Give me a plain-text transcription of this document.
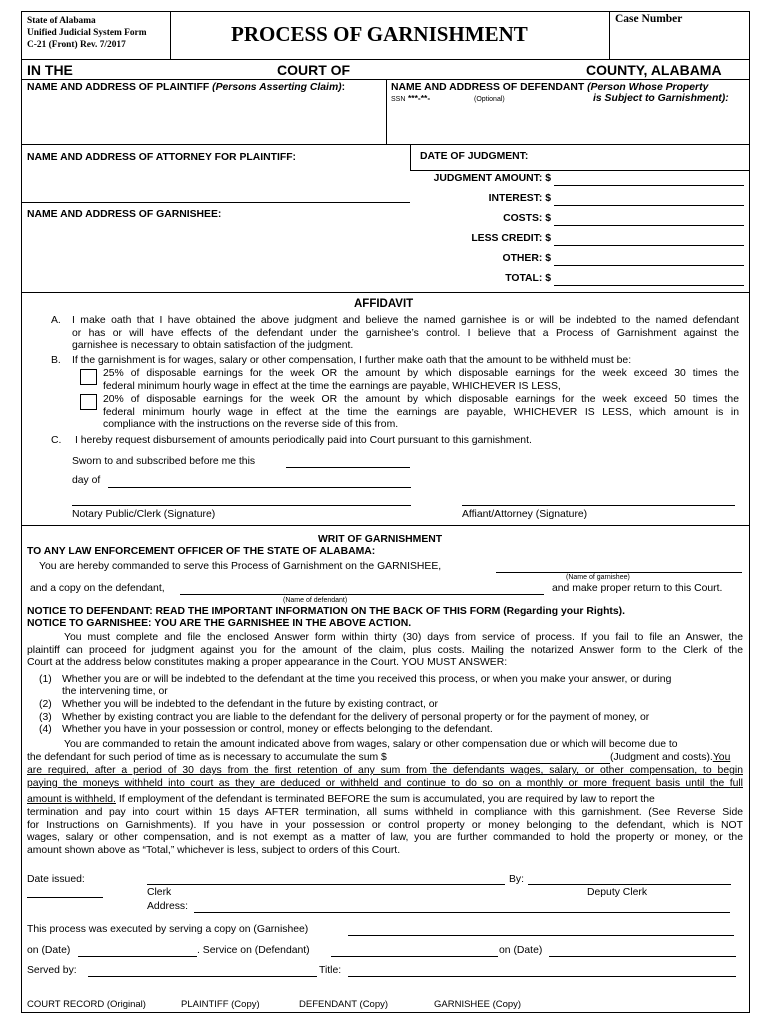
State of Alabama
Unified Judicial System Form
C-21 (Front) Rev. 7/2017	PROCESS OF GARNISHMENT
Case Number
IN THE	COURT OF	COUNTY, ALABAMA
NAME AND ADDRESS OF PLAINTIFF (Persons Asserting Claim):	NAME AND ADDRESS OF DEFENDANT (Person Whose Property
is Subject to Garnishment):
SSN ***-**-	(Optional)
NAME AND ADDRESS OF ATTORNEY FOR PLAINTIFF:
NAME AND ADDRESS OF GARNISHEE:
DATE OF JUDGMENT:
JUDGMENT AMOUNT: $
INTEREST: $
COSTS: $
LESS CREDIT: $
OTHER: $
TOTAL: $
AFFIDAVIT
A. I make oath that I have obtained the above judgment and believe the named garnishee is or will be indebted to the named defendant
or has or will have effects of the defendant under the garnishee’s control. I believe that a Process of Garnishment against the
garnishee is necessary to obtain satisfaction of the judgment.
B. If the garnishment is for wages, salary or other compensation, I further make oath that the amount to be withheld must be:
25% of disposable earnings for the week OR the amount by which disposable earnings for the week exceed 30 times the
federal minimum hourly wage in effect at the time the earnings are payable, WHICHEVER IS LESS,
20% of disposable earnings for the week OR the amount by which disposable earnings for the week exceed 50 times the
federal minimum hourly wage in effect at the time the earnings are payable, WHICHEVER IS LESS, which amount is in
compliance with the instructions on the reverse side of this from.
C. I hereby request disbursement of amounts periodically paid into Court pursuant to this garnishment.
Sworn to and subscribed before me this
day of
Notary Public/Clerk (Signature)	Affiant/Attorney (Signature)
WRIT OF GARNISHMENT
TO ANY LAW ENFORCEMENT OFFICER OF THE STATE OF ALABAMA:
You are hereby commanded to serve this Process of Garnishment on the GARNISHEE,
(Name of garnishee)
and a copy on the defendant,	and make proper return to this Court.
(Name of defendant)
NOTICE TO DEFENDANT: READ THE IMPORTANT INFORMATION ON THE BACK OF THIS FORM (Regarding your Rights).
NOTICE TO GARNISHEE: YOU ARE THE GARNISHEE IN THE ABOVE ACTION.
You must complete and file the enclosed Answer form within thirty (30) days from service of process. If you fail to file an Answer, the
plaintiff can proceed for judgment against you for the amount of the claim, plus costs. Mailing the notarized Answer form to the Clerk of the
Court at the address below constitutes making a proper appearance in the Court. YOU MUST ANSWER:
(1) Whether you are or will be indebted to the defendant at the time you received this process, or when you make your answer, or during
the intervening time, or
(2) Whether you will be indebted to the defendant in the future by existing contract, or
(3) Whether by existing contract you are liable to the defendant for the delivery of personal property or for the payment of money, or
(4) Whether you have in your possession or control, money or effects belonging to the defendant.
You are commanded to retain the amount indicated above from wages, salary or other compensation due or which will become due to
the defendant for such period of time as is necessary to accumulate the sum $	(Judgment and costs).You
are required, after a period of 30 days from the first retention of any sum from the defendants wages, salary, or other compensation, to begin
paying the moneys withheld into court as they are deduced or withheld and continue to do so on a monthly or more frequent basis until the full
amount is withheld. If employment of the defendant is terminated BEFORE the sum is accumulated, you are required by law to report the
termination and pay into court within 15 days AFTER termination, all sums withheld in compliance with this garnishment. (See Reverse Side
for Instructions on Garnishments). If you have in your possession or control property or money belonging to the defendant, which is NOT
wages, salary or other compensation, and is not exempt as a matter of law, you are further commanded to hold the property or money, or the
amount shown above as “Total,” whichever is less, subject to orders of this Court.
Date issued:	By:
Clerk	Deputy Clerk
Address:
This process was executed by serving a copy on (Garnishee)
on (Date)	. Service on (Defendant)	on (Date)
Served by:	Title:
COURT RECORD (Original)	PLAINTIFF (Copy)	DEFENDANT (Copy)	GARNISHEE (Copy)
